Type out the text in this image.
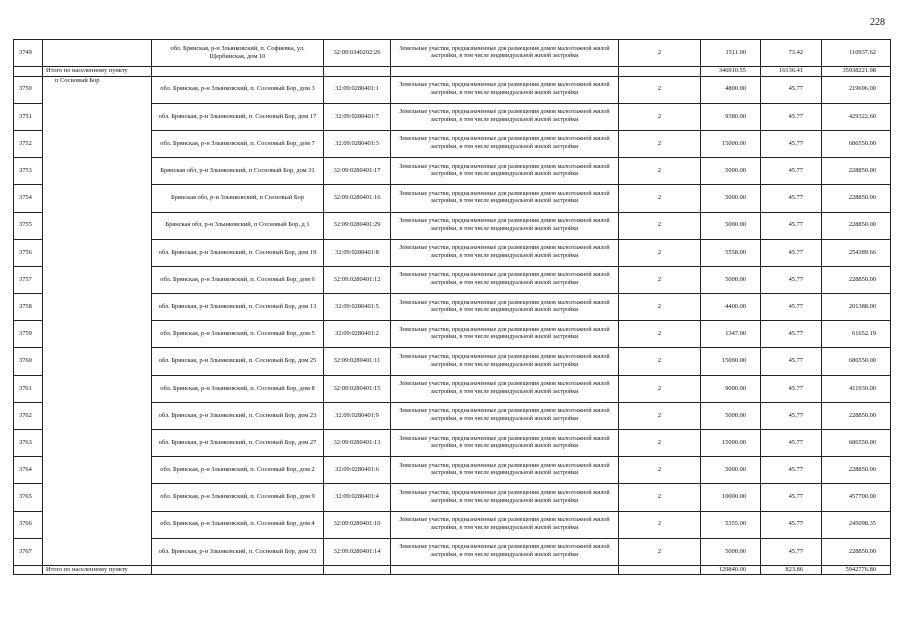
228
3749		обл. Брянская, р-н Злынковский, п. Софиевка, ул. Щербинская, дом 10	32:09:0340202:26	Земельные участки, предназначенные для размещения домов малоэтажной жилой застройки, в том числе индивидуальной жилой застройки	2	1511.00	73.42	110937.62
	Итого по населенному пункту					346910.55	16136.41	35938221.98
3750	п Сосновый Бор	обл. Брянская, р-н Злынковский, п. Сосновый Бор, дом 3	32:09:0280401:1	Земельные участки, предназначенные для размещения домов малоэтажной жилой застройки, в том числе индивидуальной жилой застройки	2	4800.00	45.77	219696.00
3751		обл. Брянская, р-н Злынковский, п. Сосновый Бор, дом 17	32:09:0280401:7	Земельные участки, предназначенные для размещения домов малоэтажной жилой застройки, в том числе индивидуальной жилой застройки	2	9380.00	45.77	429322.60
3752		обл. Брянская, р-н Злынковский, п. Сосновый Бор, дом 7	32:09:0280401:3	Земельные участки, предназначенные для размещения домов малоэтажной жилой застройки, в том числе индивидуальной жилой застройки	2	15000.00	45.77	686550.00
3753		Брянская обл, р-н Злынковский, п Сосновый Бор, дом 31	32:09:0280401:17	Земельные участки, предназначенные для размещения домов малоэтажной жилой застройки, в том числе индивидуальной жилой застройки	2	5000.00	45.77	228850.00
3754		Брянская обл, р-н Злынковский, п Сосновый Бор	32:09:0280401:16	Земельные участки, предназначенные для размещения домов малоэтажной жилой застройки, в том числе индивидуальной жилой застройки	2	5000.00	45.77	228850.00
3755		Брянская обл, р-н Злынковский, п Сосновый Бор, д 1	32:09:0280401:29	Земельные участки, предназначенные для размещения домов малоэтажной жилой застройки, в том числе индивидуальной жилой застройки	2	5000.00	45.77	228850.00
3756		обл. Брянская, р-н Злынковский, п. Сосновый Бор, дом 19	32:09:0280401:8	Земельные участки, предназначенные для размещения домов малоэтажной жилой застройки, в том числе индивидуальной жилой застройки	2	5558.00	45.77	254389.66
3757		обл. Брянская, р-н Злынковский, п. Сосновый Бор, дом 6	32:09:0280401:12	Земельные участки, предназначенные для размещения домов малоэтажной жилой застройки, в том числе индивидуальной жилой застройки	2	5000.00	45.77	228850.00
3758		обл. Брянская, р-н Злынковский, п. Сосновый Бор, дом 13	32:09:0280401:5	Земельные участки, предназначенные для размещения домов малоэтажной жилой застройки, в том числе индивидуальной жилой застройки	2	4400.00	45.77	201388.00
3759		обл. Брянская, р-н Злынковский, п. Сосновый Бор, дом 5	32:09:0280401:2	Земельные участки, предназначенные для размещения домов малоэтажной жилой застройки, в том числе индивидуальной жилой застройки	2	1347.00	45.77	61652.19
3760		обл. Брянская, р-н Злынковский, п. Сосновый Бор, дом 25	32:09:0280401:11	Земельные участки, предназначенные для размещения домов малоэтажной жилой застройки, в том числе индивидуальной жилой застройки	2	15000.00	45.77	686550.00
3761		обл. Брянская, р-н Злынковский, п. Сосновый Бор, дом 8	32:09:0280401:15	Земельные участки, предназначенные для размещения домов малоэтажной жилой застройки, в том числе индивидуальной жилой застройки	2	9000.00	45.77	411930.00
3762		обл. Брянская, р-н Злынковский, п. Сосновый Бор, дом 23	32:09:0280401:9	Земельные участки, предназначенные для размещения домов малоэтажной жилой застройки, в том числе индивидуальной жилой застройки	2	5000.00	45.77	228850.00
3763		обл. Брянская, р-н Злынковский, п. Сосновый Бор, дом 27	32:09:0280401:13	Земельные участки, предназначенные для размещения домов малоэтажной жилой застройки, в том числе индивидуальной жилой застройки	2	15000.00	45.77	686550.00
3764		обл. Брянская, р-н Злынковский, п. Сосновый Бор, дом 2	32:09:0280401:6	Земельные участки, предназначенные для размещения домов малоэтажной жилой застройки, в том числе индивидуальной жилой застройки	2	5000.00	45.77	228850.00
3765		обл. Брянская, р-н Злынковский, п. Сосновый Бор, дом 9	32:09:0280401:4	Земельные участки, предназначенные для размещения домов малоэтажной жилой застройки, в том числе индивидуальной жилой застройки	2	10000.00	45.77	457700.00
3766		обл. Брянская, р-н Злынковский, п. Сосновый Бор, дом 4	32:09:0280401:10	Земельные участки, предназначенные для размещения домов малоэтажной жилой застройки, в том числе индивидуальной жилой застройки	2	5355.00	45.77	245098.35
3767		обл. Брянская, р-н Злынковский, п. Сосновый Бор, дом 33	32:09:0280401:14	Земельные участки, предназначенные для размещения домов малоэтажной жилой застройки, в том числе индивидуальной жилой застройки	2	5000.00	45.77	228850.00
	Итого по населенному пункту					129840.00	823.86	5942776.80
